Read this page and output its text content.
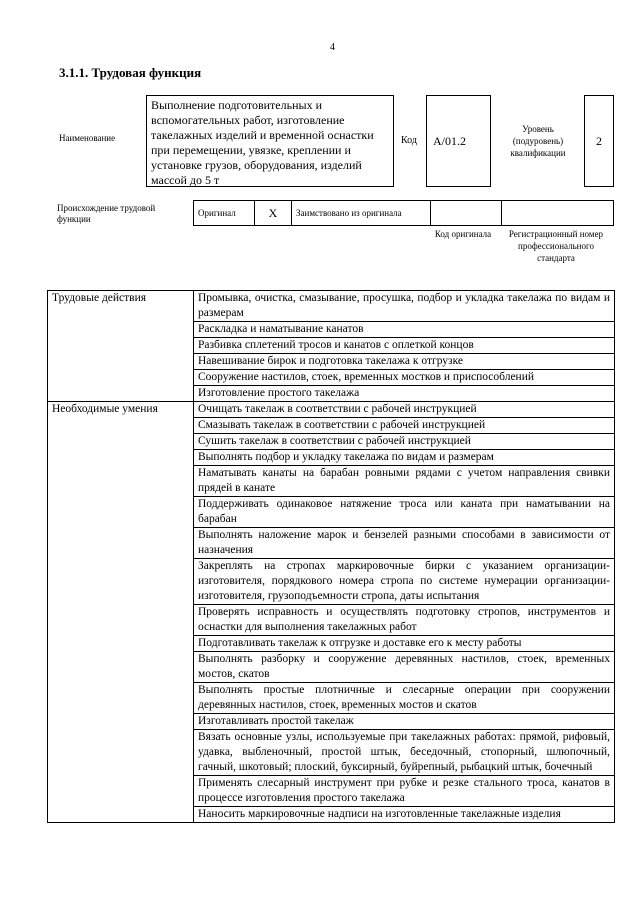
4
3.1.1. Трудовая функция
Наименование
Выполнение подготовительных и вспомогательных работ, изготовление такелажных изделий и временной оснастки при перемещении, увязке, креплении и установке грузов, оборудования, изделий массой до 5 т
Код	A/01.2
Уровень (подуровень) квалификации
2
Происхождение трудовой функции
Оригинал	X	Заимствовано из оригинала		
Код оригинала	Регистрационный номер профессионального стандарта
Трудовые действия	Промывка, очистка, смазывание, просушка, подбор и укладка такелажа по видам и размерам
	Раскладка и наматывание канатов
	Разбивка сплетений тросов и канатов с оплеткой концов
	Навешивание бирок и подготовка такелажа к отгрузке
	Сооружение настилов, стоек, временных мостков и приспособлений
	Изготовление простого такелажа
Необходимые умения	Очищать такелаж в соответствии с рабочей инструкцией
	Смазывать такелаж в соответствии с рабочей инструкцией
	Сушить такелаж в соответствии с рабочей инструкцией
	Выполнять подбор и укладку такелажа по видам и размерам
	Наматывать канаты на барабан ровными рядами с учетом направления свивки прядей в канате
	Поддерживать одинаковое натяжение троса или каната при наматывании на барабан
	Выполнять наложение марок и бензелей разными способами в зависимости от назначения
	Закреплять на стропах маркировочные бирки с указанием организации-изготовителя, порядкового номера стропа по системе нумерации организации-изготовителя, грузоподъемности стропа, даты испытания
	Проверять исправность и осуществлять подготовку стропов, инструментов и оснастки для выполнения такелажных работ
	Подготавливать такелаж к отгрузке и доставке его к месту работы
	Выполнять разборку и сооружение деревянных настилов, стоек, временных мостов, скатов
	Выполнять простые плотничные и слесарные операции при сооружении деревянных настилов, стоек, временных мостов и скатов
	Изготавливать простой такелаж
	Вязать основные узлы, используемые при такелажных работах: прямой, рифовый, удавка, выбленочный, простой штык, беседочный, стопорный, шлюпочный, гачный, шкотовый; плоский, буксирный, буйрепный, рыбацкий штык, бочечный
	Применять слесарный инструмент при рубке и резке стального троса, канатов в процессе изготовления простого такелажа
	Наносить маркировочные надписи на изготовленные такелажные изделия
